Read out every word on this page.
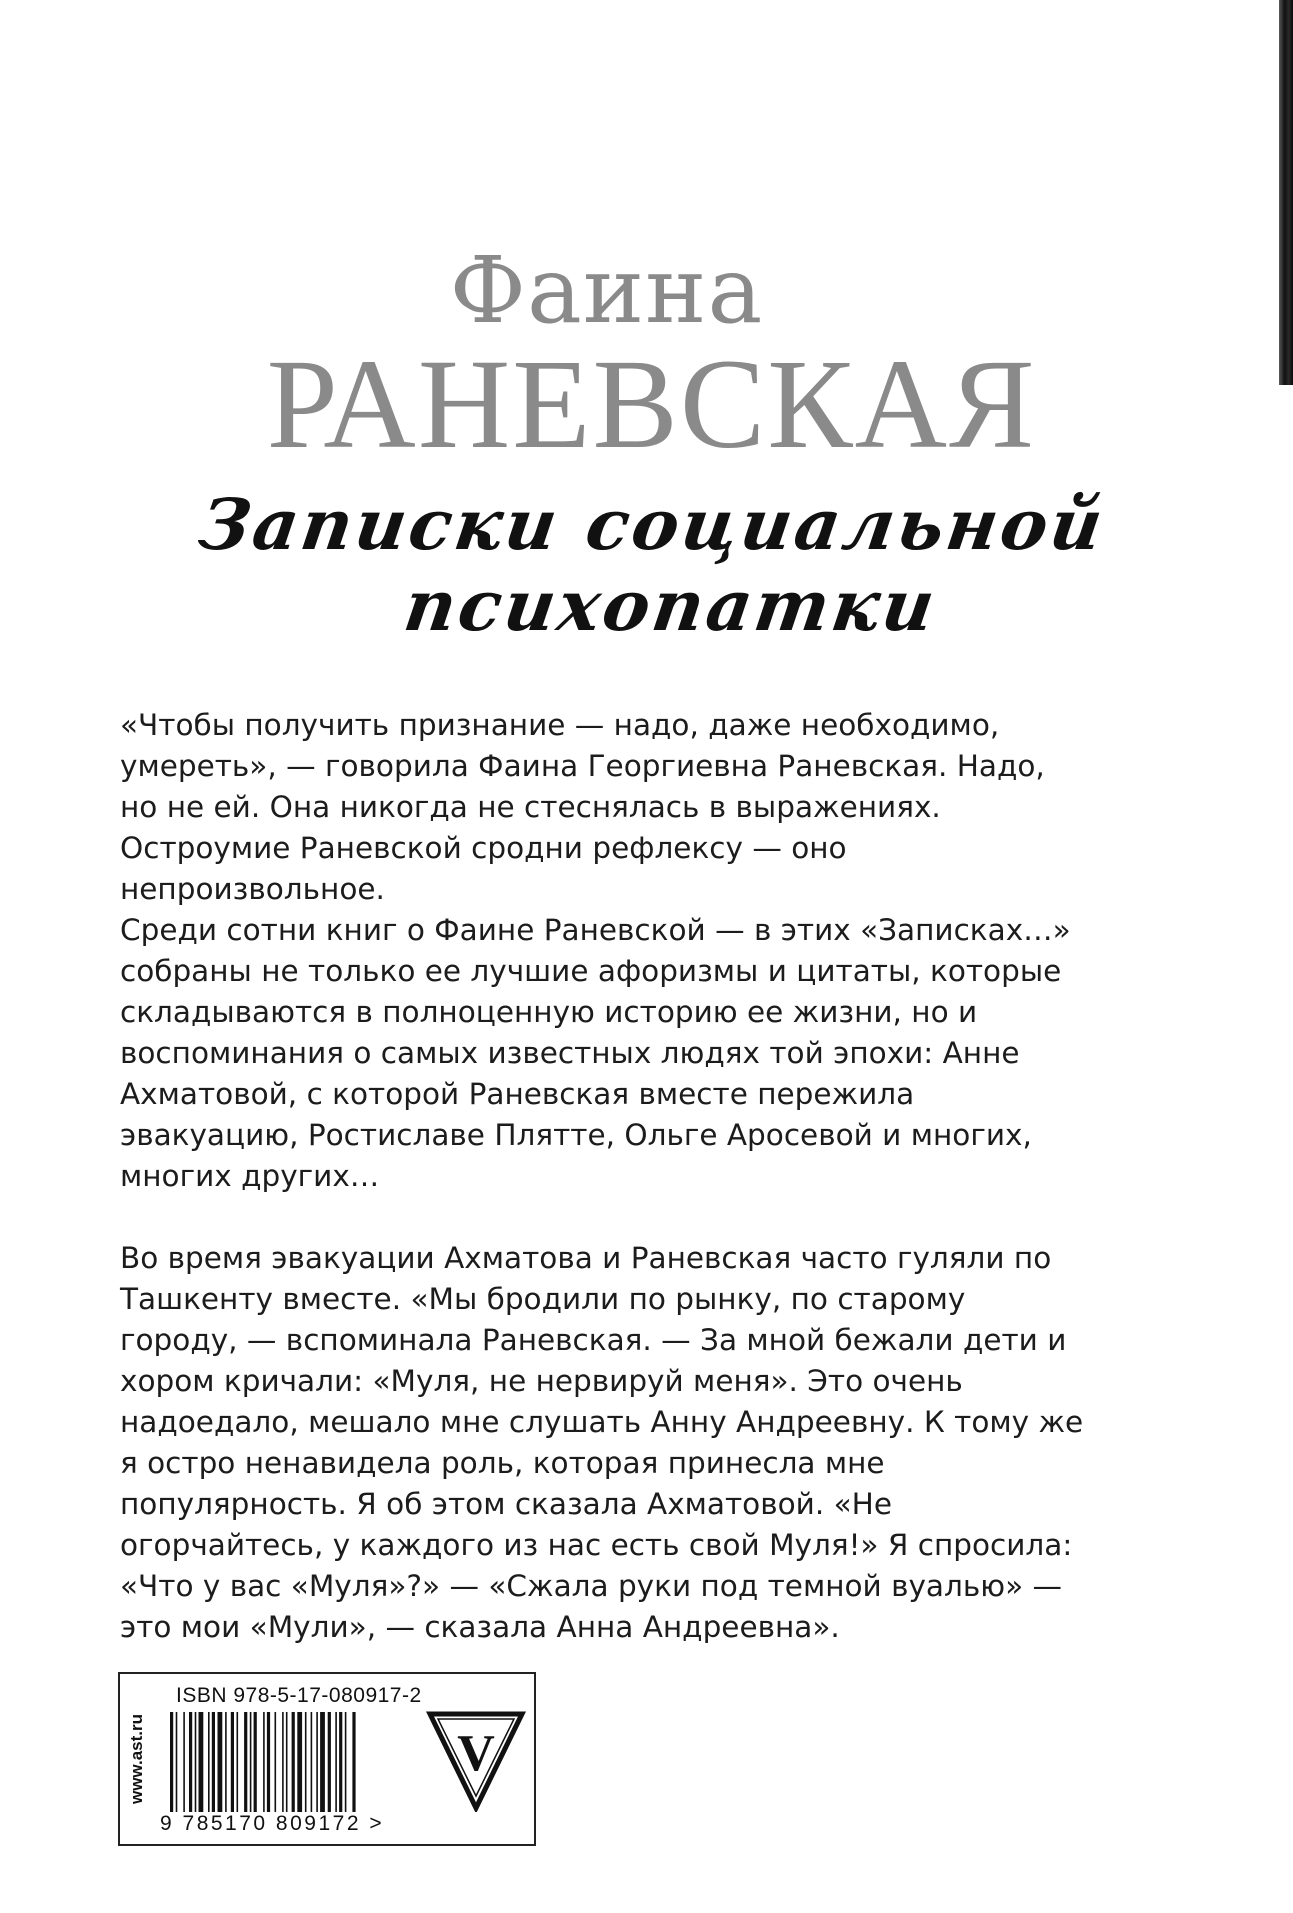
Фаина
РАНЕВСКАЯ
Записки социальной
психопатки

«Чтобы получить признание — надо, даже необходимо, умереть», — говорила Фаина Георгиевна Раневская. Надо, но не ей. Она никогда не стеснялась в выражениях. Остроумие Раневской сродни рефлексу — оно непроизвольное.

Среди сотни книг о Фаине Раневской — в этих «Записках…» собраны не только ее лучшие афоризмы и цитаты, которые складываются в полноценную историю ее жизни, но и воспоминания о самых известных людях той эпохи: Анне Ахматовой, с которой Раневская вместе пережила эвакуацию, Ростиславе Плятте, Ольге Аросевой и многих, многих других…

Во время эвакуации Ахматова и Раневская часто гуляли по Ташкенту вместе. «Мы бродили по рынку, по старому городу, — вспоминала Раневская. — За мной бежали дети и хором кричали: «Муля, не нервируй меня». Это очень надоедало, мешало мне слушать Анну Андреевну. К тому же я остро ненавидела роль, которая принесла мне популярность. Я об этом сказала Ахматовой. «Не огорчайтесь, у каждого из нас есть свой Муля!» Я спросила: «Что у вас «Муля»?» — «Сжала руки под темной вуалью» — это мои «Мули», — сказала Анна Андреевна».

www.ast.ru
ISBN 978-5-17-080917-2
9 785170 809172 >
V
